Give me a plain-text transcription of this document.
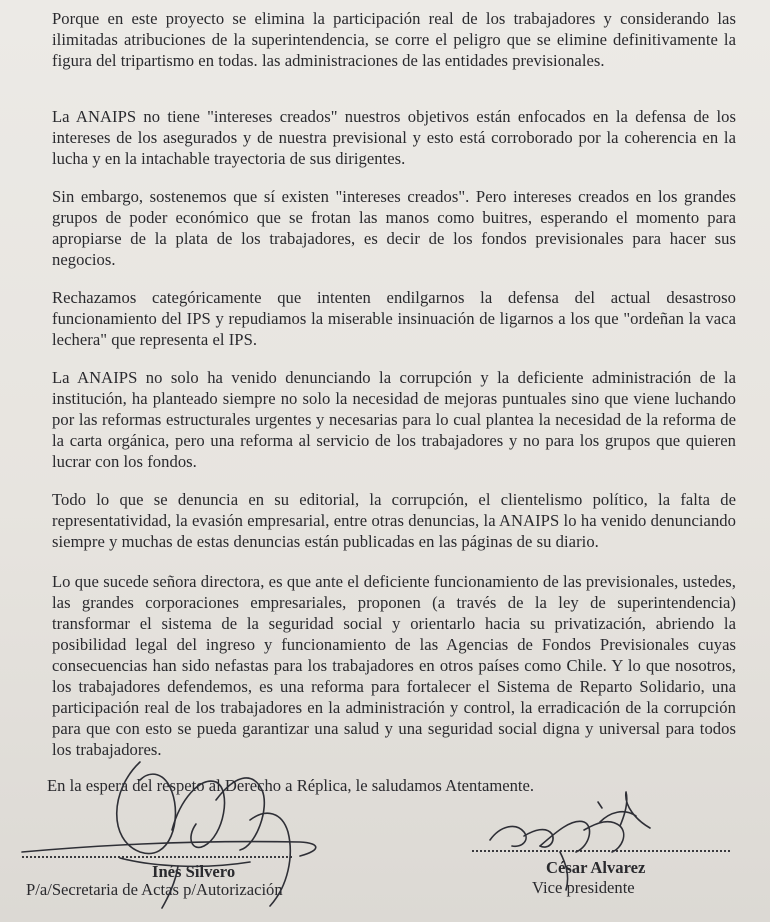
Porque en este proyecto se elimina la participación real de los trabajadores y considerando las ilimitadas atribuciones de la superintendencia, se corre el peligro que se elimine definitivamente la figura del tripartismo en todas. las administraciones de las entidades previsionales.

La ANAIPS no tiene "intereses creados" nuestros objetivos están enfocados en la defensa de los intereses de los asegurados y de nuestra previsional y esto está corroborado por la coherencia en la lucha y en la intachable trayectoria de sus dirigentes.

Sin embargo, sostenemos que sí existen "intereses creados". Pero intereses creados en los grandes grupos de poder económico que se frotan las manos como buitres, esperando el momento para apropiarse de la plata de los trabajadores, es decir de los fondos previsionales para hacer sus negocios.

Rechazamos categóricamente que intenten endilgarnos la defensa del actual desastroso funcionamiento del IPS y repudiamos la miserable insinuación de ligarnos a los que "ordeñan la vaca lechera" que representa el IPS.

La ANAIPS no solo ha venido denunciando la corrupción y la deficiente administración de la institución, ha planteado siempre no solo la necesidad de mejoras puntuales sino que viene luchando por las reformas estructurales urgentes y necesarias para lo cual plantea la necesidad de la reforma de la carta orgánica, pero una reforma al servicio de los trabajadores y no para los grupos que quieren lucrar con los fondos.

Todo lo que se denuncia en su editorial, la corrupción, el clientelismo político, la falta de representatividad, la evasión empresarial, entre otras denuncias, la ANAIPS lo ha venido denunciando siempre y muchas de estas denuncias están publicadas en las páginas de su diario.

Lo que sucede señora directora, es que ante el deficiente funcionamiento de las previsionales, ustedes, las grandes corporaciones empresariales, proponen (a través de la ley de superintendencia) transformar el sistema de la seguridad social y orientarlo hacia su privatización, abriendo la posibilidad legal del ingreso y funcionamiento de las Agencias de Fondos Previsionales cuyas consecuencias han sido nefastas para los trabajadores en otros países como Chile. Y lo que nosotros, los trabajadores defendemos, es una reforma para fortalecer el Sistema de Reparto Solidario, una participación real de los trabajadores en la administración y control, la erradicación de la corrupción para que con esto se pueda garantizar una salud y una seguridad social digna y universal para todos los trabajadores.

En la espera del respeto al Derecho a Réplica, le saludamos Atentamente.
Inés Silvero
P/a/Secretaria de Actas p/Autorización
César Alvarez
Vice presidente
